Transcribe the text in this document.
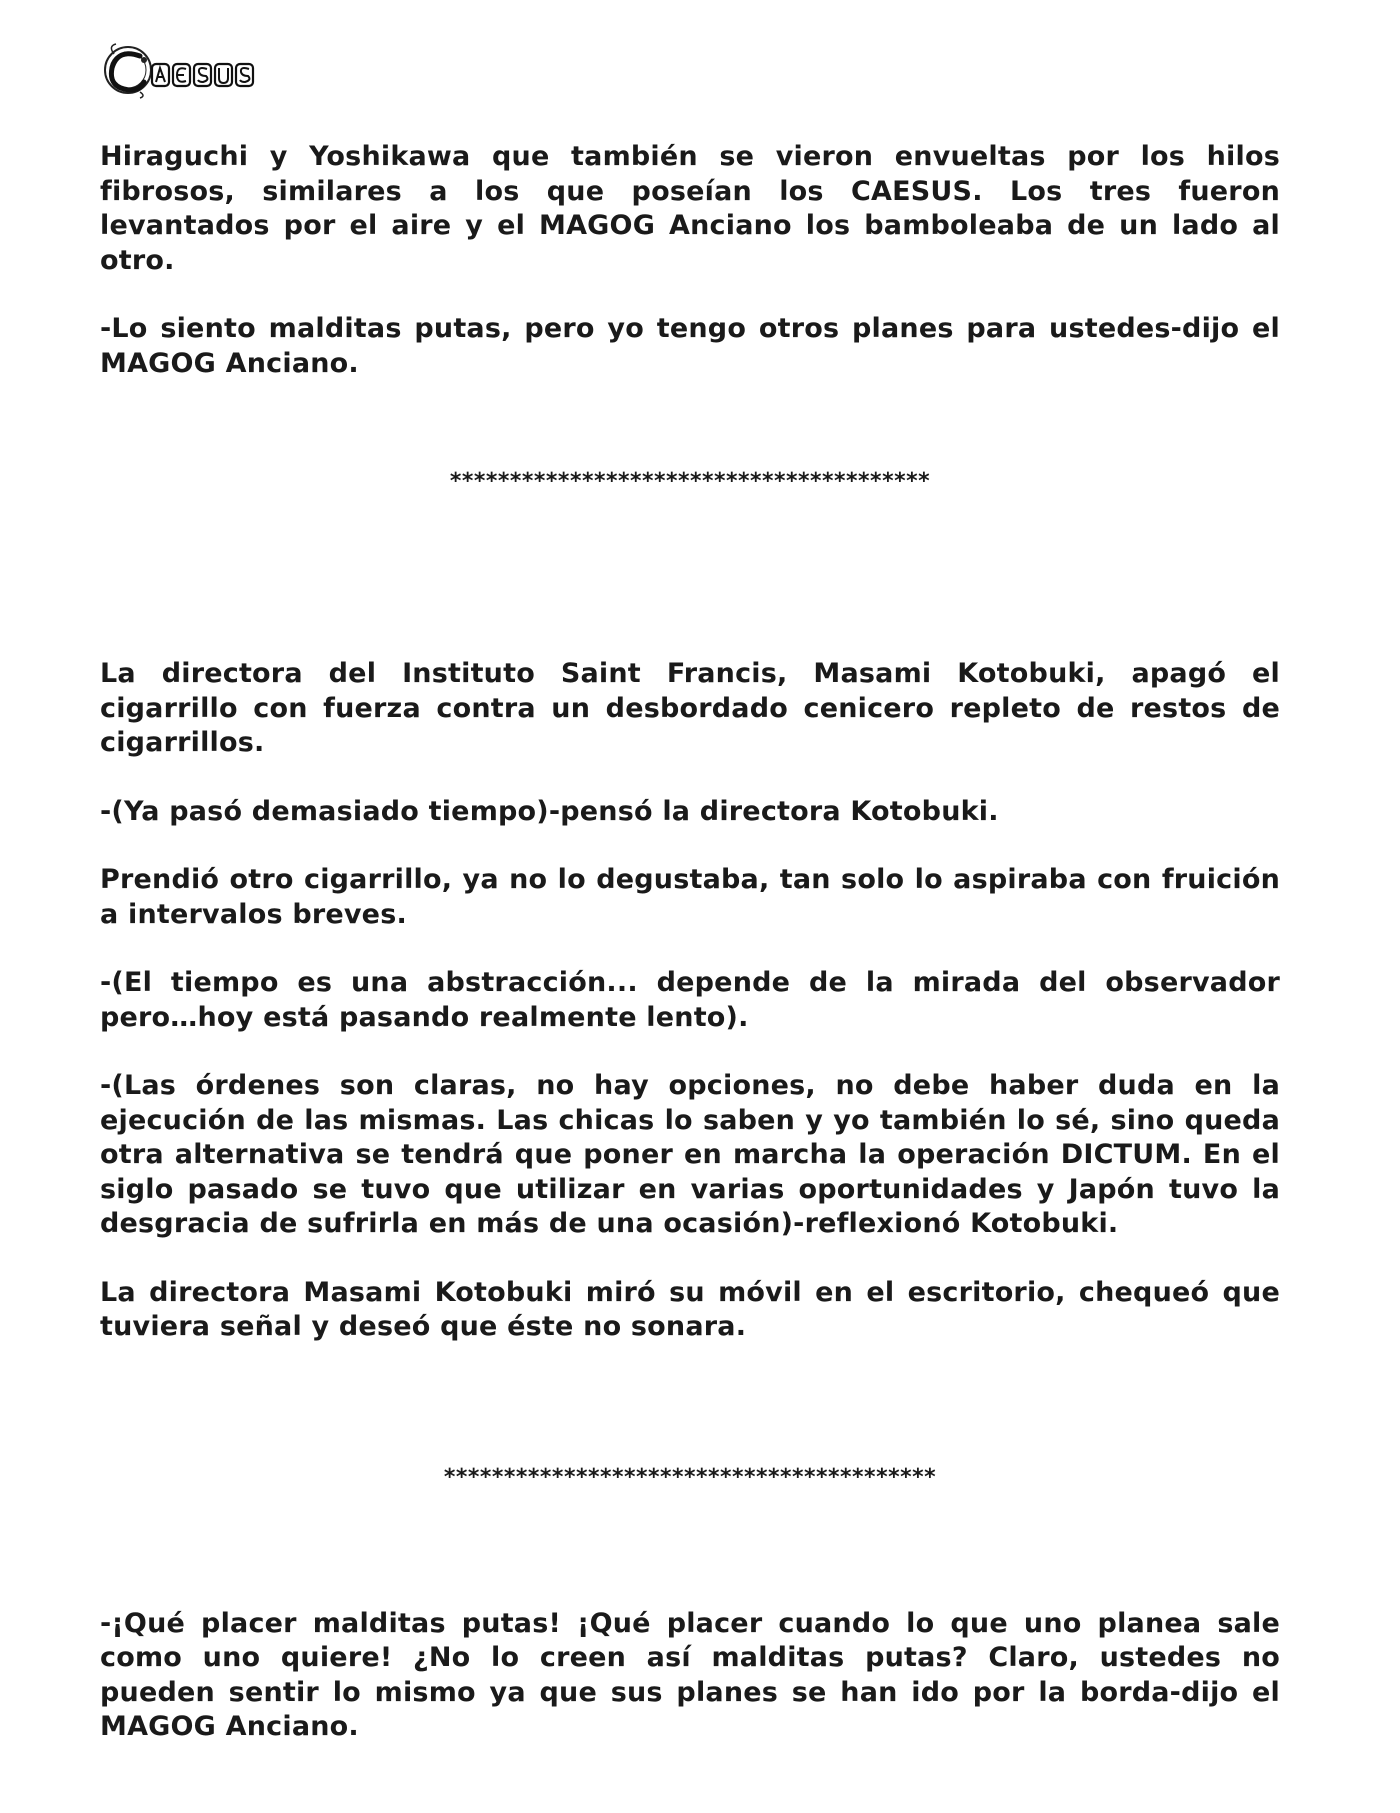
CAESUS

Hiraguchi y Yoshikawa que también se vieron envueltas por los hilos fibrosos, similares a los que poseían los CAESUS. Los tres fueron levantados por el aire y el MAGOG Anciano los bamboleaba de un lado al otro.

-Lo siento malditas putas, pero yo tengo otros planes para ustedes-dijo el MAGOG Anciano.

****************************************

La directora del Instituto Saint Francis, Masami Kotobuki, apagó el cigarrillo con fuerza contra un desbordado cenicero repleto de restos de cigarrillos.

-(Ya pasó demasiado tiempo)-pensó la directora Kotobuki.

Prendió otro cigarrillo, ya no lo degustaba, tan solo lo aspiraba con fruición a intervalos breves.

-(El tiempo es una abstracción... depende de la mirada del observador pero…hoy está pasando realmente lento).

-(Las órdenes son claras, no hay opciones, no debe haber duda en la ejecución de las mismas. Las chicas lo saben y yo también lo sé, sino queda otra alternativa se tendrá que poner en marcha la operación DICTUM. En el siglo pasado se tuvo que utilizar en varias oportunidades y Japón tuvo la desgracia de sufrirla en más de una ocasión)-reflexionó Kotobuki.

La directora Masami Kotobuki miró su móvil en el escritorio, chequeó que tuviera señal y deseó que éste no sonara.

*****************************************

-¡Qué placer malditas putas! ¡Qué placer cuando lo que uno planea sale como uno quiere! ¿No lo creen así malditas putas? Claro, ustedes no pueden sentir lo mismo ya que sus planes se han ido por la borda-dijo el MAGOG Anciano.
